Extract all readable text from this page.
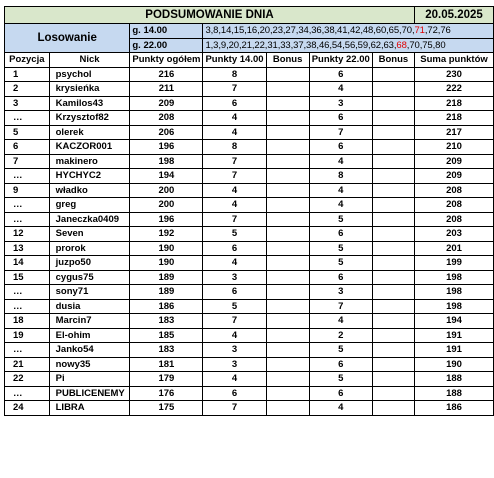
PODSUMOWANIE DNIA							20.05.2025
Losowanie		g. 14.00	3,8,14,15,16,20,23,27,34,36,38,41,42,48,60,65,70,71,72,76				
		g. 22.00	1,3,9,20,21,22,31,33,37,38,46,54,56,59,62,63,68,70,75,80				
Pozycja	Nick	Punkty ogółem	Punkty 14.00	Bonus	Punkty 22.00	Bonus	Suma punktów
1	psychol	216	8		6		230
2	krysieńka	211	7		4		222
3	Kamilos43	209	6		3		218
…	Krzysztof82	208	4		6		218
5	olerek	206	4		7		217
6	KACZOR001	196	8		6		210
7	makinero	198	7		4		209
…	HYCHYC2	194	7		8		209
9	władko	200	4		4		208
…	greg	200	4		4		208
…	Janeczka0409	196	7		5		208
12	Seven	192	5		6		203
13	prorok	190	6		5		201
14	juzpo50	190	4		5		199
15	cygus75	189	3		6		198
…	sony71	189	6		3		198
…	dusia	186	5		7		198
18	Marcin7	183	7		4		194
19	El-ohim	185	4		2		191
…	Janko54	183	3		5		191
21	nowy35	181	3		6		190
22	Pi	179	4		5		188
…	PUBLICENEMY	176	6		6		188
24	LIBRA	175	7		4		186
